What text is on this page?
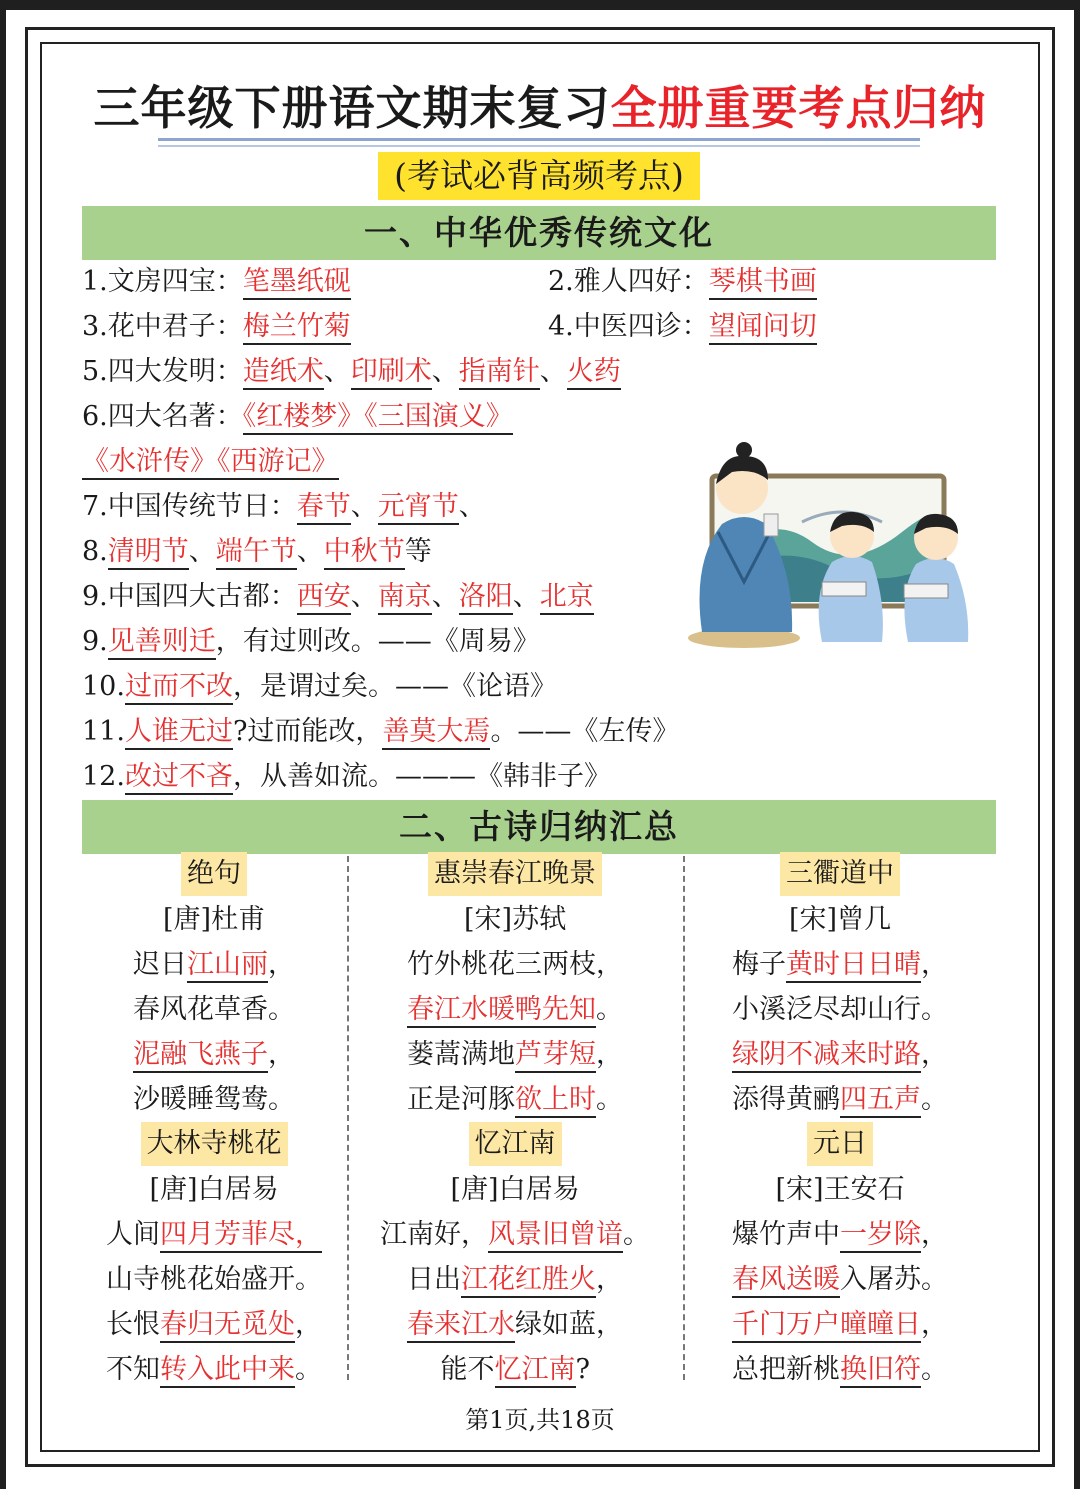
三年级下册语文期末复习全册重要考点归纳
(考试必背高频考点)
一、中华优秀传统文化
1.文房四宝：笔墨纸砚	2.雅人四好：琴棋书画
3.花中君子：梅兰竹菊	4.中医四诊：望闻问切
5.四大发明：造纸术、印刷术、指南针、火药
6.四大名著：《红楼梦》《三国演义》
《水浒传》《西游记》
7.中国传统节日：春节、元宵节、
8.清明节、端午节、中秋节等
9.中国四大古都：西安、南京、洛阳、北京
9.见善则迁，有过则改。——《周易》
10.过而不改，是谓过矣。——《论语》
11.人谁无过?过而能改，善莫大焉。——《左传》
12.改过不吝，从善如流。———《韩非子》
二、古诗归纳汇总
绝句
[唐]杜甫
迟日江山丽，
春风花草香。
泥融飞燕子，
沙暖睡鸳鸯。
惠崇春江晚景
[宋]苏轼
竹外桃花三两枝，
春江水暖鸭先知。
蒌蒿满地芦芽短，
正是河豚欲上时。
三衢道中
[宋]曾几
梅子黄时日日晴，
小溪泛尽却山行。
绿阴不减来时路，
添得黄鹂四五声。
大林寺桃花
[唐]白居易
人间四月芳菲尽，
山寺桃花始盛开。
长恨春归无觅处，
不知转入此中来。
忆江南
[唐]白居易
江南好，风景旧曾谙。
日出江花红胜火，
春来江水绿如蓝，
能不忆江南?
元日
[宋]王安石
爆竹声中一岁除，
春风送暖入屠苏。
千门万户曈曈日，
总把新桃换旧符。
第1页,共18页
